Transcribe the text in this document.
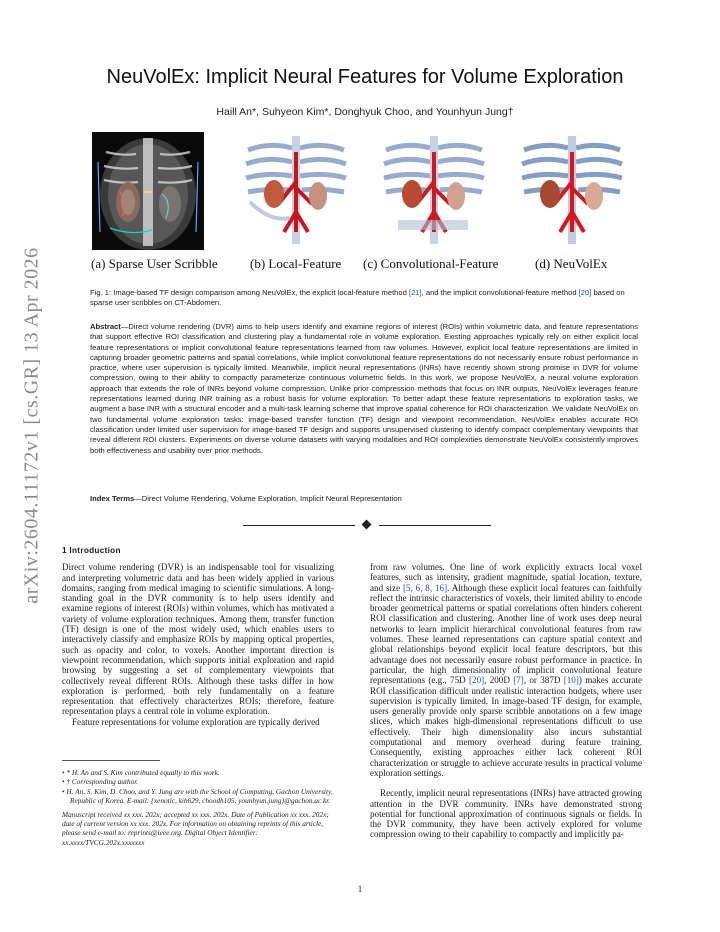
arXiv:2604.11172v1 [cs.GR] 13 Apr 2026
NeuVolEx: Implicit Neural Features for Volume Exploration
Haill An*, Suhyeon Kim*, Donghyuk Choo, and Younhyun Jung†
(a) Sparse User Scribble (b) Local-Feature (c) Convolutional-Feature	(d) NeuVolEx
Fig. 1: Image-based TF design comparison among NeuVolEx, the explicit local-feature method [21], and the implicit convolutional-feature method [20] based on sparse user scribbles on CT-Abdomen.
Abstract—Direct volume rendering (DVR) aims to help users identify and examine regions of interest (ROIs) within volumetric data, and feature representations that support effective ROI classification and clustering play a fundamental role in volume exploration. Existing approaches typically rely on either explicit local feature representations or implicit convolutional feature representations learned from raw volumes. However, explicit local feature representations are limited in capturing broader geometric patterns and spatial correlations, while implicit convolutional feature representations do not necessarily ensure robust performance in practice, where user supervision is typically limited. Meanwhile, implicit neural representations (INRs) have recently shown strong promise in DVR for volume compression, owing to their ability to compactly parameterize continuous volumetric fields. In this work, we propose NeuVolEx, a neural volume exploration approach that extends the role of INRs beyond volume compression. Unlike prior compression methods that focus on INR outputs, NeuVolEx leverages feature representations learned during INR training as a robust basis for volume exploration. To better adapt these feature representations to exploration tasks, we augment a base INR with a structural encoder and a multi-task learning scheme that improve spatial coherence for ROI characterization. We validate NeuVolEx on two fundamental volume exploration tasks: image-based transfer function (TF) design and viewpoint recommendation. NeuVolEx enables accurate ROI classification under limited user supervision for image-based TF design and supports unsupervised clustering to identify compact complementary viewpoints that reveal different ROI clusters. Experiments on diverse volume datasets with varying modalities and ROI complexities demonstrate NeuVolEx consistently improves both effectiveness and usability over prior methods.
Index Terms—Direct Volume Rendering, Volume Exploration, Implicit Neural Representation

1 Introduction

Direct volume rendering (DVR) is an indispensable tool for visualizing and interpreting volumetric data and has been widely applied in various domains, ranging from medical imaging to scientific simulations. A long-standing goal in the DVR community is to help users identify and examine regions of interest (ROIs) within volumes, which has motivated a variety of volume exploration techniques. Among them, transfer function (TF) design is one of the most widely used, which enables users to interactively classify and emphasize ROIs by mapping optical properties, such as opacity and color, to voxels. Another important direction is viewpoint recommendation, which supports initial exploration and rapid browsing by suggesting a set of complementary viewpoints that collectively reveal different ROIs. Although these tasks differ in how exploration is performed, both rely fundamentally on a feature representation that effectively characterizes ROIs; therefore, feature representation plays a central role in volume exploration.

Feature representations for volume exploration are typically derived

from raw volumes. One line of work explicitly extracts local voxel features, such as intensity, gradient magnitude, spatial location, texture, and size [5, 6, 8, 16]. Although these explicit local features can faithfully reflect the intrinsic characteristics of voxels, their limited ability to encode broader geometrical patterns or spatial correlations often hinders coherent ROI classification and clustering. Another line of work uses deep neural networks to learn implicit hierarchical convolutional features from raw volumes. These learned representations can capture spatial context and global relationships beyond explicit local feature descriptors, but this advantage does not necessarily ensure robust performance in practice. In particular, the high dimensionality of implicit convolutional feature representations (e.g., 75D [20], 200D [7], or 387D [10]) makes accurate ROI classification difficult under realistic interaction budgets, where user supervision is typically limited. In image-based TF design, for example, users generally provide only sparse scribble annotations on a few image slices, which makes high-dimensional representations difficult to use effectively. Their high dimensionality also incurs substantial computational and memory overhead during feature training. Consequently, existing approaches either lack coherent ROI characterization or struggle to achieve accurate results in practical volume exploration settings.

Recently, implicit neural representations (INRs) have attracted growing attention in the DVR community. INRs have demonstrated strong potential for functional approximation of continuous signals or fields. In the DVR community, they have been actively explored for volume compression owing to their capability to compactly and implicitly pa-

• * H. An and S. Kim contributed equally to this work.

• † Corresponding author.

• H. An, S. Kim, D. Choo, and Y. Jung are with the School of Computing, Gachon University, Republic of Korea. E-mail: {xenotic, kih629, choodh105, younhyun.jung}@gachon.ac.kr.

Manuscript received xx xxx. 202x; accepted xx xxx. 202x. Date of Publication xx xxx. 202x; date of current version xx xxx. 202x. For information on obtaining reprints of this article, please send e-mail to: reprints@ieee.org. Digital Object Identifier: xx.xxxx/TVCG.202x.xxxxxxx

1
